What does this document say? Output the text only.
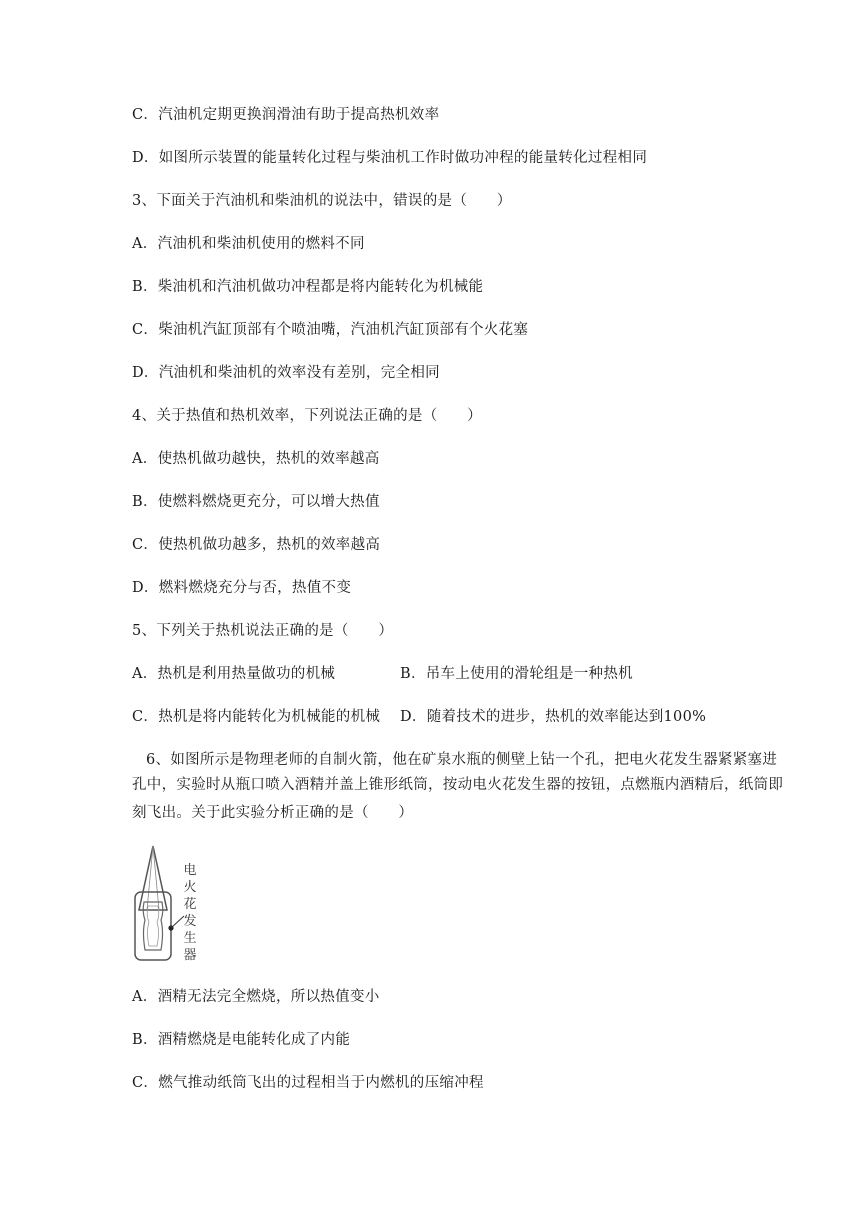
C．汽油机定期更换润滑油有助于提高热机效率
D．如图所示装置的能量转化过程与柴油机工作时做功冲程的能量转化过程相同
3、下面关于汽油机和柴油机的说法中，错误的是（　　）
A．汽油机和柴油机使用的燃料不同
B．柴油机和汽油机做功冲程都是将内能转化为机械能
C．柴油机汽缸顶部有个喷油嘴，汽油机汽缸顶部有个火花塞
D．汽油机和柴油机的效率没有差别，完全相同
4、关于热值和热机效率，下列说法正确的是（　　）
A．使热机做功越快，热机的效率越高
B．使燃料燃烧更充分，可以增大热值
C．使热机做功越多，热机的效率越高
D．燃料燃烧充分与否，热值不变
5、下列关于热机说法正确的是（　　）
A．热机是利用热量做功的机械	B．吊车上使用的滑轮组是一种热机
C．热机是将内能转化为机械能的机械 D．随着技术的进步，热机的效率能达到100%
6、如图所示是物理老师的自制火箭，他在矿泉水瓶的侧壁上钻一个孔，把电火花发生器紧紧塞进
孔中，实验时从瓶口喷入酒精并盖上锥形纸筒，按动电火花发生器的按钮，点燃瓶内酒精后，纸筒即
刻飞出。关于此实验分析正确的是（　　）
电
火
花
发
生
器
A．酒精无法完全燃烧，所以热值变小
B．酒精燃烧是电能转化成了内能
C．燃气推动纸筒飞出的过程相当于内燃机的压缩冲程
